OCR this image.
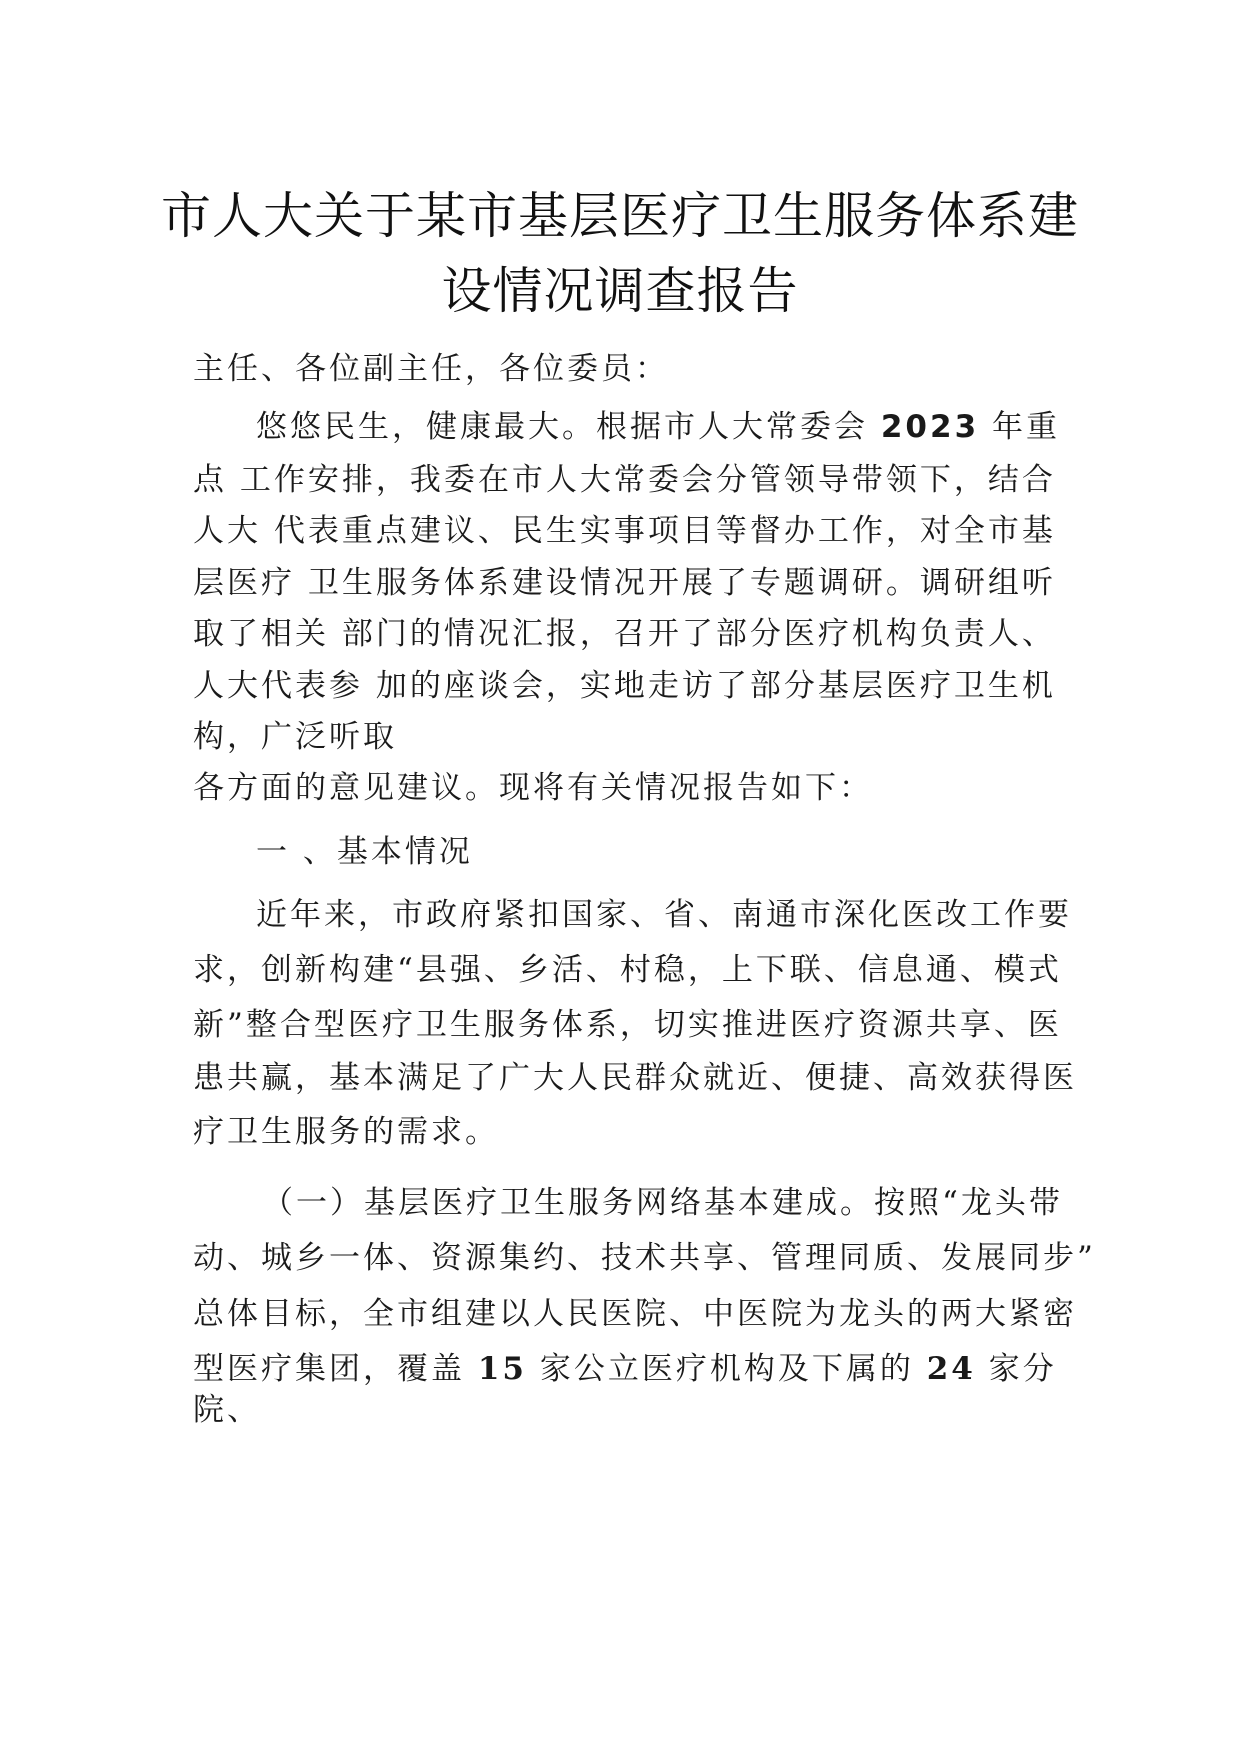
市人大关于某市基层医疗卫生服务体系建
设情况调查报告
主任、各位副主任，各位委员：
悠悠民生，健康最大。根据市人大常委会 2023 年重
点 工作安排，我委在市人大常委会分管领导带领下，结合
人大 代表重点建议、民生实事项目等督办工作，对全市基
层医疗 卫生服务体系建设情况开展了专题调研。调研组听
取了相关 部门的情况汇报，召开了部分医疗机构负责人、
人大代表参 加的座谈会，实地走访了部分基层医疗卫生机
构，广泛听取
各方面的意见建议。现将有关情况报告如下：
一 、基本情况
近年来，市政府紧扣国家、省、南通市深化医改工作要
求，创新构建“县强、乡活、村稳，上下联、信息通、模式
新”整合型医疗卫生服务体系，切实推进医疗资源共享、医
患共赢，基本满足了广大人民群众就近、便捷、高效获得医
疗卫生服务的需求。
（一）基层医疗卫生服务网络基本建成。按照“龙头带
动、城乡一体、资源集约、技术共享、管理同质、发展同步”
总体目标，全市组建以人民医院、中医院为龙头的两大紧密
型医疗集团，覆盖 15 家公立医疗机构及下属的 24 家分
院、
